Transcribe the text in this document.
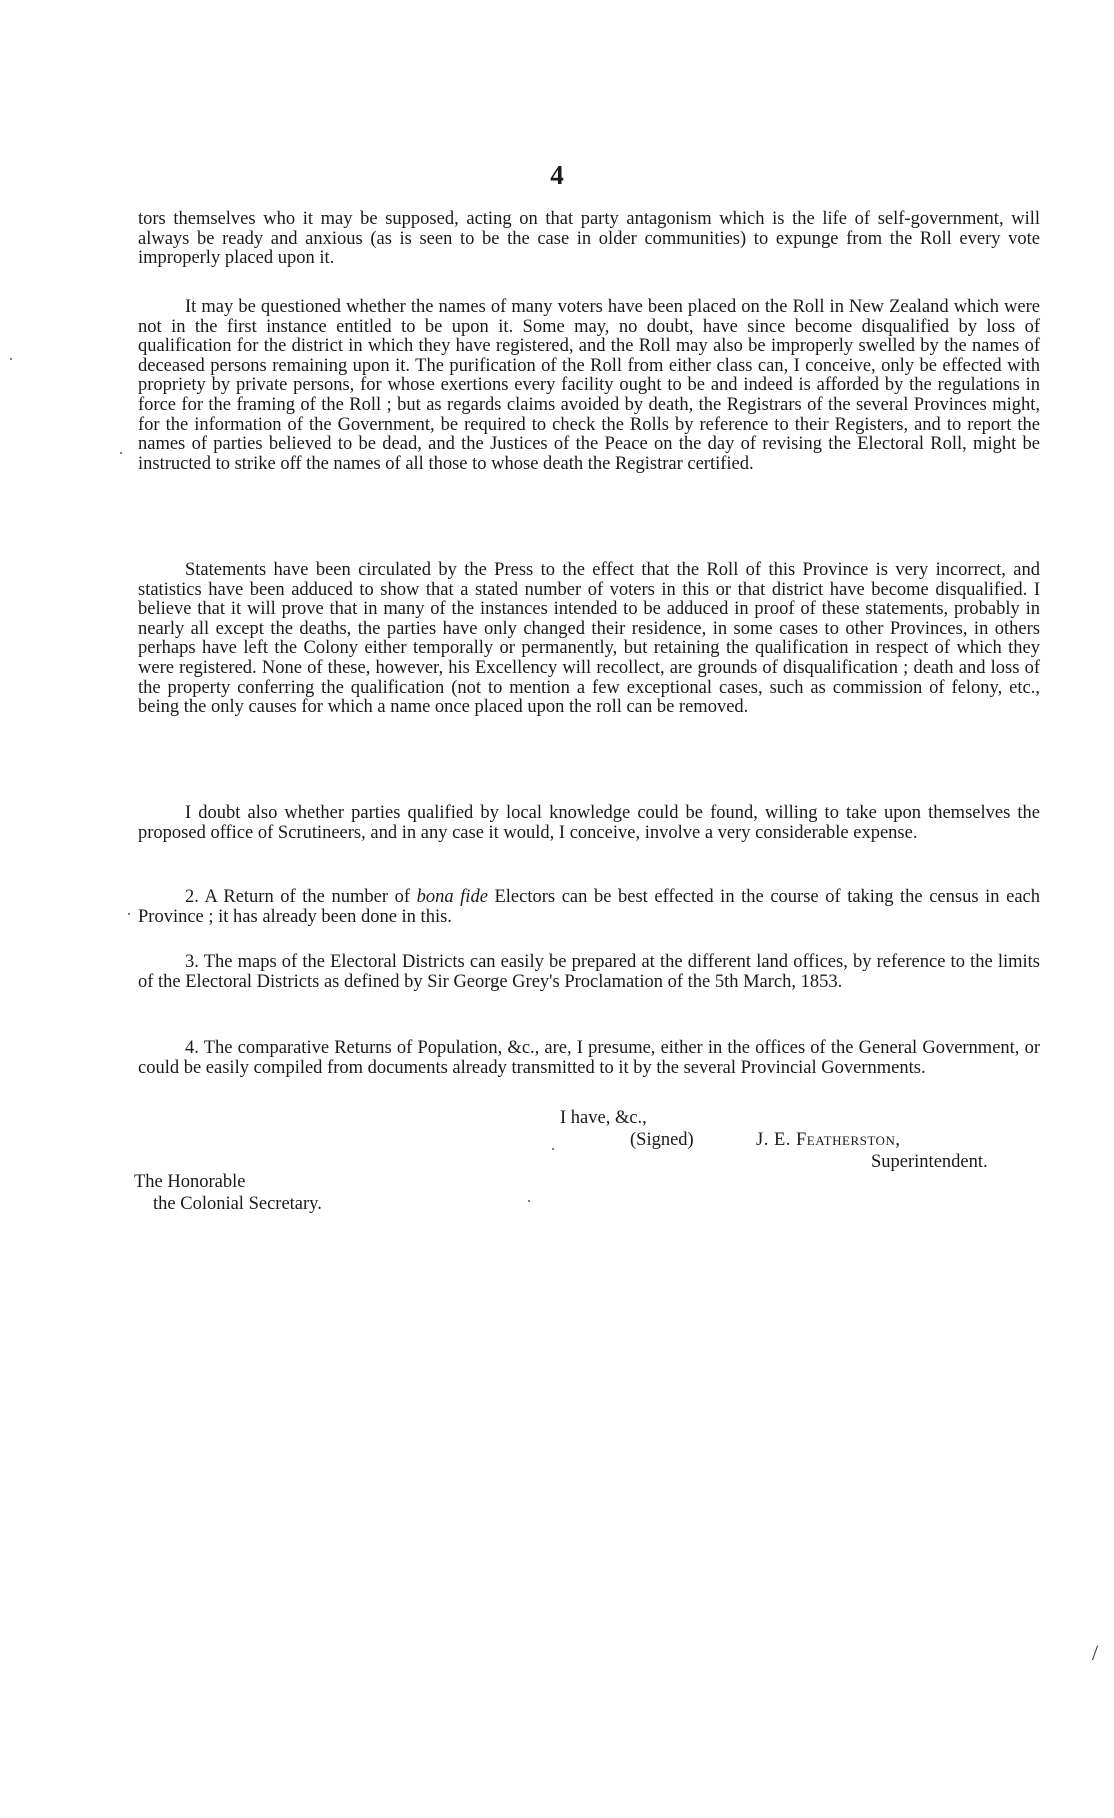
4

tors themselves who it may be supposed, acting on that party antagonism which is the life of self-government, will always be ready and anxious (as is seen to be the case in older communities) to expunge from the Roll every vote improperly placed upon it.

It may be questioned whether the names of many voters have been placed on the Roll in New Zealand which were not in the first instance entitled to be upon it. Some may, no doubt, have since become disqualified by loss of qualification for the district in which they have registered, and the Roll may also be improperly swelled by the names of deceased persons remaining upon it. The purification of the Roll from either class can, I conceive, only be effected with propriety by private persons, for whose exertions every facility ought to be and indeed is afforded by the regulations in force for the framing of the Roll ; but as regards claims avoided by death, the Registrars of the several Provinces might, for the information of the Government, be required to check the Rolls by reference to their Registers, and to report the names of parties believed to be dead, and the Justices of the Peace on the day of revising the Electoral Roll, might be instructed to strike off the names of all those to whose death the Registrar certified.

Statements have been circulated by the Press to the effect that the Roll of this Province is very incorrect, and statistics have been adduced to show that a stated number of voters in this or that district have become disqualified. I believe that it will prove that in many of the instances intended to be adduced in proof of these statements, probably in nearly all except the deaths, the parties have only changed their residence, in some cases to other Provinces, in others perhaps have left the Colony either temporally or permanently, but retaining the qualification in respect of which they were registered. None of these, however, his Excellency will recollect, are grounds of disqualification ; death and loss of the property conferring the qualification (not to mention a few exceptional cases, such as commission of felony, etc., being the only causes for which a name once placed upon the roll can be removed.

I doubt also whether parties qualified by local knowledge could be found, willing to take upon themselves the proposed office of Scrutineers, and in any case it would, I conceive, involve a very considerable expense.

2. A Return of the number of bona fide Electors can be best effected in the course of taking the census in each Province ; it has already been done in this.

3. The maps of the Electoral Districts can easily be prepared at the different land offices, by reference to the limits of the Electoral Districts as defined by Sir George Grey's Proclamation of the 5th March, 1853.

4. The comparative Returns of Population, &c., are, I presume, either in the offices of the General Government, or could be easily compiled from documents already transmitted to it by the several Provincial Governments.

I have, &c.,
(Signed)	J. E. Featherston,
Superintendent.
The Honorable
the Colonial Secretary.
/
